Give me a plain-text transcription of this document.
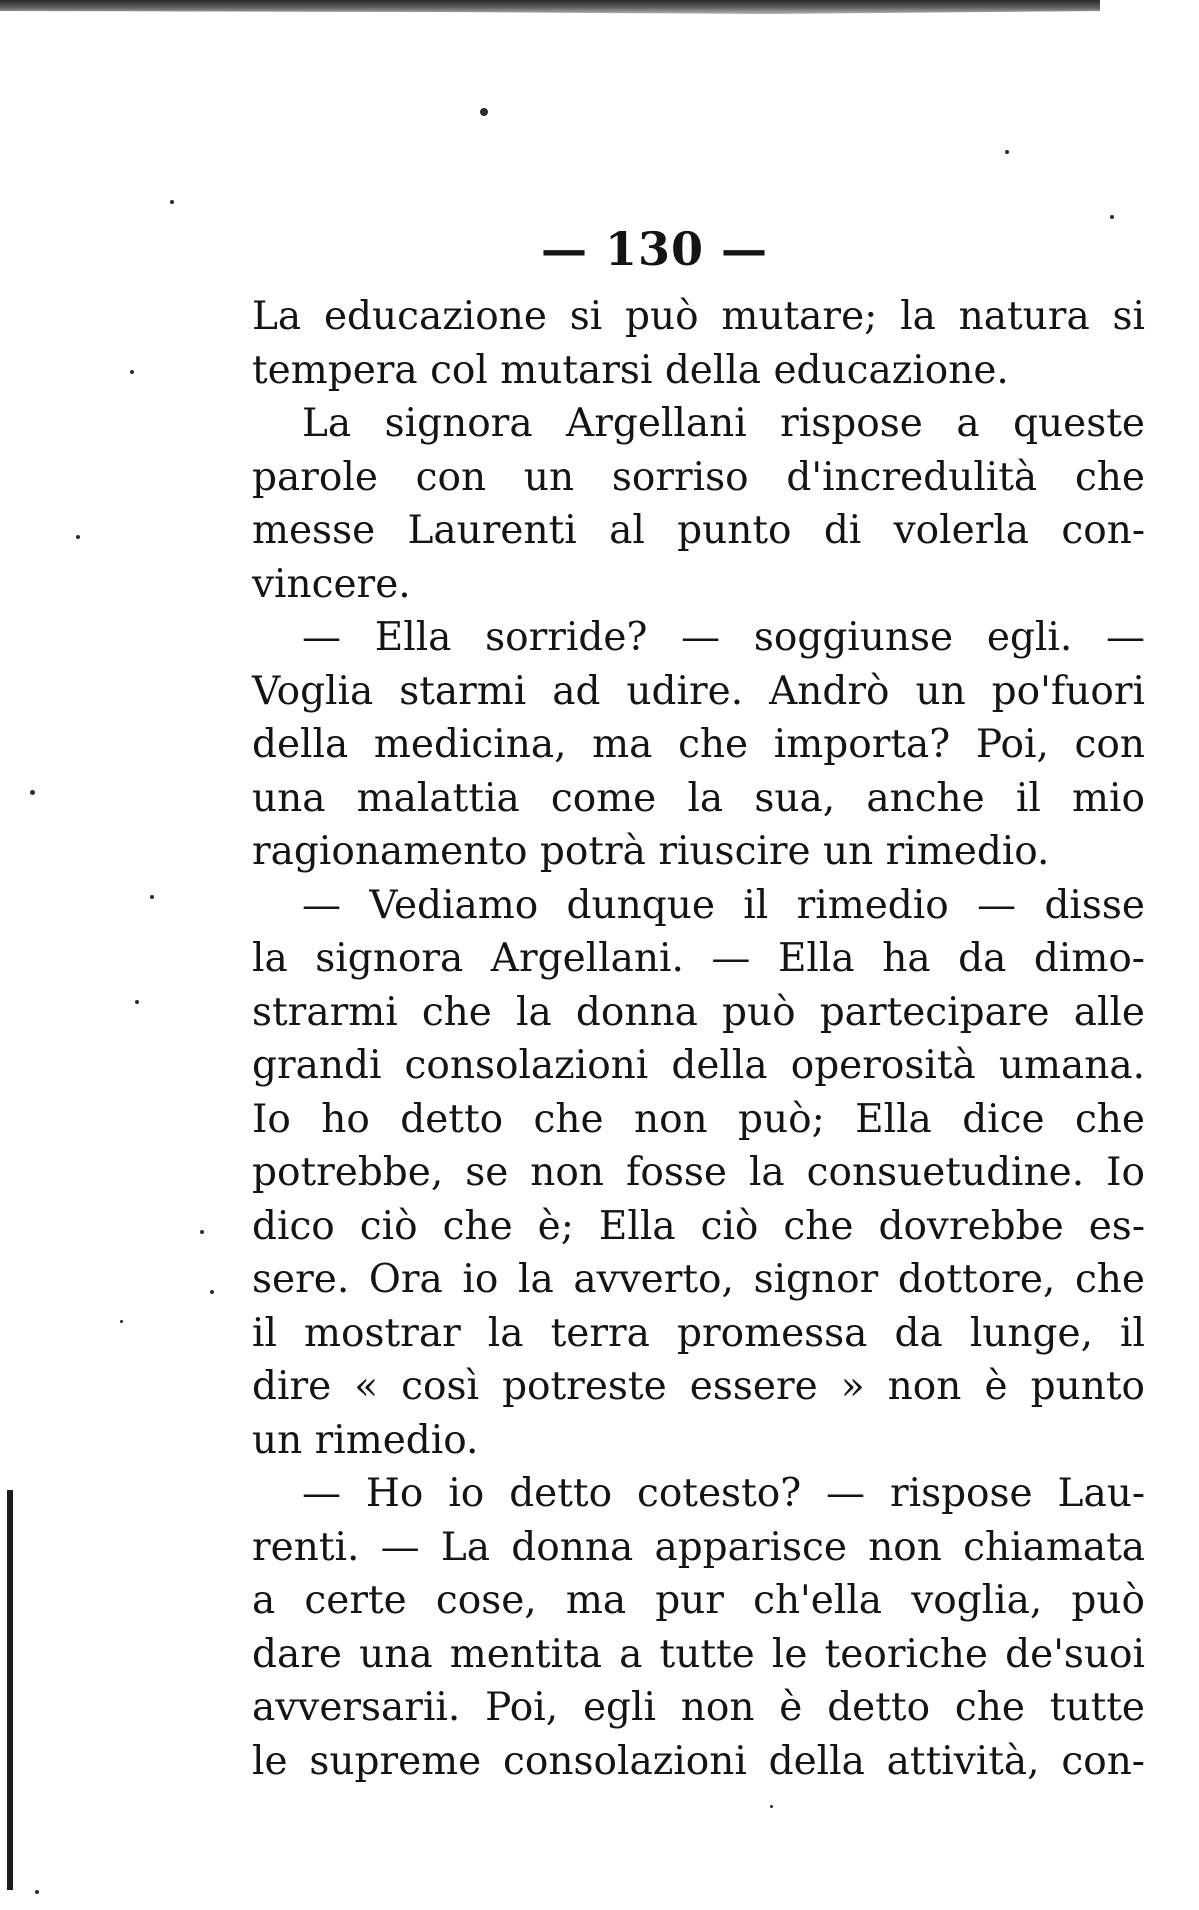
— 130 —
La educazione si può mutare; la natura si
tempera col mutarsi della educazione.
La signora Argellani rispose a queste
parole con un sorriso d'incredulità che
messe Laurenti al punto di volerla con-
vincere.
— Ella sorride? — soggiunse egli. —
Voglia starmi ad udire. Andrò un po'fuori
della medicina, ma che importa? Poi, con
una malattia come la sua, anche il mio
ragionamento potrà riuscire un rimedio.
— Vediamo dunque il rimedio — disse
la signora Argellani. — Ella ha da dimo-
strarmi che la donna può partecipare alle
grandi consolazioni della operosità umana.
Io ho detto che non può; Ella dice che
potrebbe, se non fosse la consuetudine. Io
dico ciò che è; Ella ciò che dovrebbe es-
sere. Ora io la avverto, signor dottore, che
il mostrar la terra promessa da lunge, il
dire « così potreste essere » non è punto
un rimedio.
— Ho io detto cotesto? — rispose Lau-
renti. — La donna apparisce non chiamata
a certe cose, ma pur ch'ella voglia, può
dare una mentita a tutte le teoriche de'suoi
avversarii. Poi, egli non è detto che tutte
le supreme consolazioni della attività, con-
